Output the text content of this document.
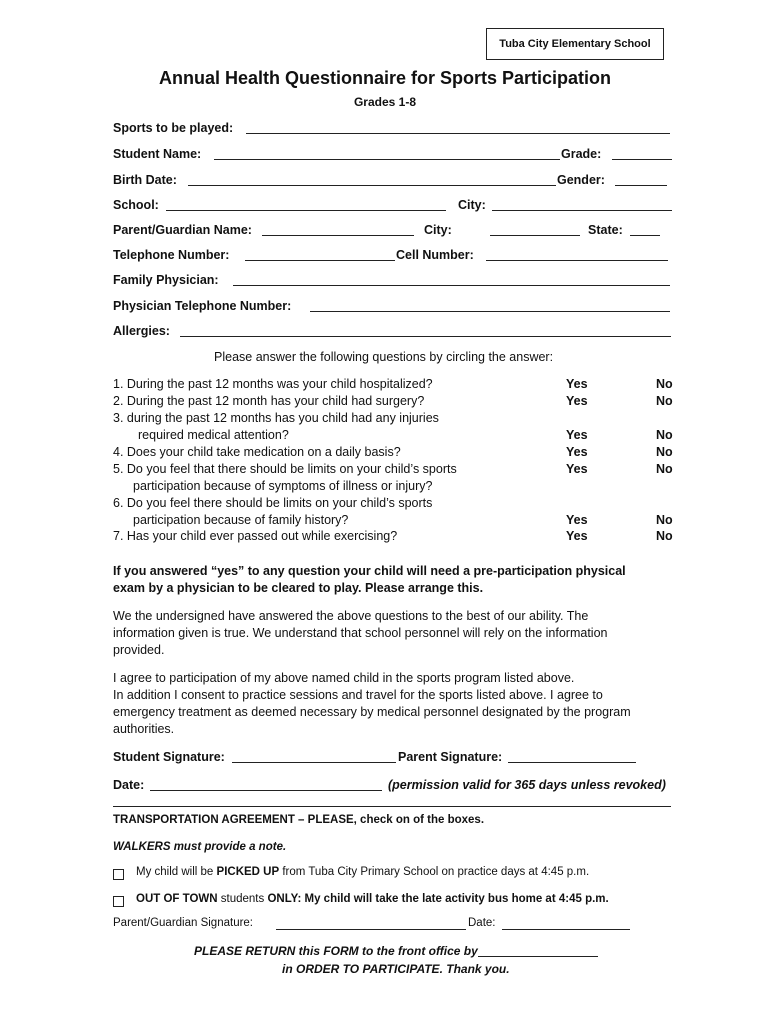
Tuba City Elementary School
Annual Health Questionnaire for Sports Participation
Grades 1-8
Sports to be played:
Student Name:	Grade:
Birth Date:	Gender:
School:	City:
Parent/Guardian Name:	City:	State:
Telephone Number:	Cell Number:
Family Physician:
Physician Telephone Number:
Allergies:
Please answer the following questions by circling the answer:
1. During the past 12 months was your child hospitalized?	Yes	No
2. During the past 12 month has your child had surgery?	Yes	No
3. during the past 12 months has you child had any injuries
required medical attention?	Yes	No
4. Does your child take medication on a daily basis?	Yes	No
5. Do you feel that there should be limits on your child’s sports	Yes	No
participation because of symptoms of illness or injury?
6. Do you feel there should be limits on your child’s sports
participation because of family history?	Yes	No
7. Has your child ever passed out while exercising?	Yes	No
If you answered “yes” to any question your child will need a pre-participation physical
exam by a physician to be cleared to play. Please arrange this.
We the undersigned have answered the above questions to the best of our ability. The
information given is true. We understand that school personnel will rely on the information
provided.
I agree to participation of my above named child in the sports program listed above.
In addition I consent to practice sessions and travel for the sports listed above. I agree to
emergency treatment as deemed necessary by medical personnel designated by the program
authorities.
Student Signature:	Parent Signature:
Date:	(permission valid for 365 days unless revoked)
TRANSPORTATION AGREEMENT – PLEASE, check on of the boxes.
WALKERS must provide a note.
My child will be PICKED UP from Tuba City Primary School on practice days at 4:45 p.m.
OUT OF TOWN students ONLY: My child will take the late activity bus home at 4:45 p.m.
Parent/Guardian Signature:	Date:
PLEASE RETURN this FORM to the front office by
in ORDER TO PARTICIPATE. Thank you.
